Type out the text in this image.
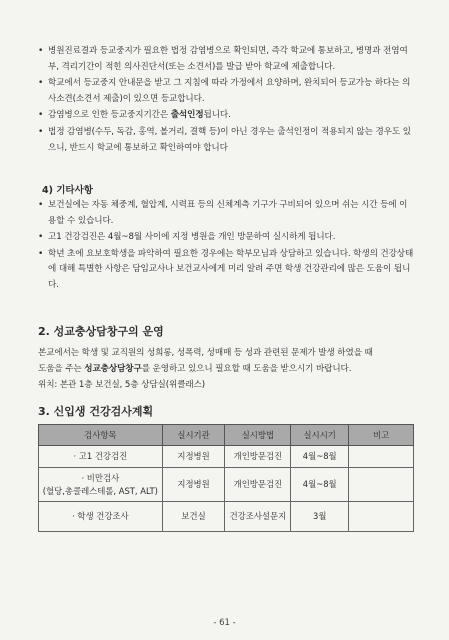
• 병원진료결과 등교중지가 필요한 법정 감염병으로 확인되면, 즉각 학교에 통보하고, 병명과 전염여부, 격리기간이 적힌 의사진단서(또는 소견서)를 발급 받아 학교에 제출합니다.
• 학교에서 등교중지 안내문을 받고 그 지침에 따라 가정에서 요양하며, 완치되어 등교가능 하다는 의사소견(소견서 제출)이 있으면 등교합니다.
• 감염병으로 인한 등교중지기간은 출석인정됩니다.
• 법정 감염병(수두, 독감, 홍역, 볼거리, 결핵 등)이 아닌 경우는 출석인정이 적용되지 않는 경우도 있으니, 반드시 학교에 통보하고 확인하여야 합니다
4) 기타사항
• 보건실에는 자동 체중계, 혈압계, 시력표 등의 신체계측 기구가 구비되어 있으며 쉬는 시간 등에 이용할 수 있습니다.
• 고1 건강검진은 4월~8월 사이에 지정 병원을 개인 방문하여 실시하게 됩니다.
• 학년 초에 요보호학생을 파악하여 필요한 경우에는 학부모님과 상담하고 있습니다. 학생의 건강상태에 대해 특별한 사항은 담임교사나 보건교사에게 미리 알려 주면 학생 건강관리에 많은 도움이 됩니다.
2. 성교충상담창구의 운영
본교에서는 학생 및 교직원의 성희롱, 성폭력, 성매매 등 성과 관련된 문제가 발생 하였을 때
도움을 주는 성교충상담창구를 운영하고 있으니 필요할 때 도움을 받으시기 바랍니다.
위치: 본관 1층 보건실, 5층 상담실(위클래스)
3. 신입생 건강검사계획
검사항목	실시기관	실시방법	실시시기	비고
· 고1 건강검진	지정병원	개인방문검진	4월~8월	

· 비만검사
(혈당,총콜레스테롤, AST, ALT)	지정병원	개인방문검진	4월~8월	
· 학생 건강조사	보건실	건강조사설문지	3월	
- 61 -
